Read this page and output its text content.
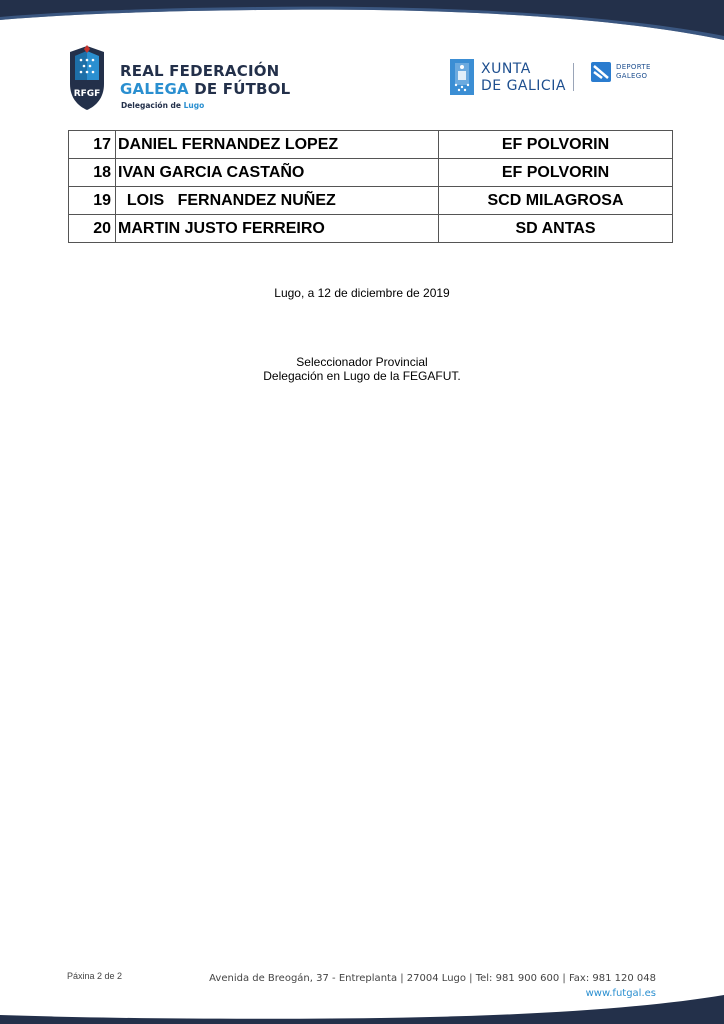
RFGF
REAL FEDERACIÓN
GALEGA DE FÚTBOL
Delegación de Lugo
XUNTA
DE GALICIA
DEPORTE
GALEGO
17	DANIEL FERNANDEZ LOPEZ	EF POLVORIN
18	IVAN GARCIA CASTAÑO	EF POLVORIN
19	LOIS   FERNANDEZ NUÑEZ	SCD MILAGROSA
20	MARTIN JUSTO FERREIRO	SD ANTAS
Lugo, a 12 de diciembre de 2019
Seleccionador Provincial
Delegación en Lugo de la FEGAFUT.
Páxina 2 de 2	Avenida de Breogán, 37 - Entreplanta | 27004 Lugo | Tel: 981 900 600 | Fax: 981 120 048
www.futgal.es
